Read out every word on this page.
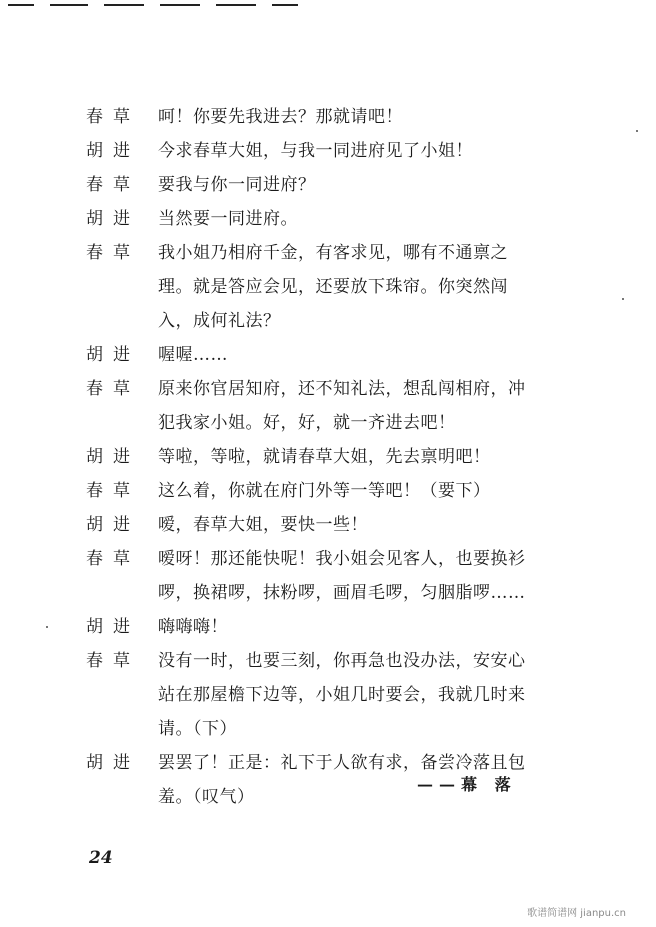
春草	呵！你要先我进去？那就请吧！
胡进	今求春草大姐，与我一同进府见了小姐！
春草	要我与你一同进府？
胡进	当然要一同进府。
春草	我小姐乃相府千金，有客求见，哪有不通禀之
理。就是答应会见，还要放下珠帘。你突然闯
入，成何礼法？
胡进	喔喔……
春草	原来你官居知府，还不知礼法，想乱闯相府，冲
犯我家小姐。好，好，就一齐进去吧！
胡进	等啦，等啦，就请春草大姐，先去禀明吧！
春草	这么着，你就在府门外等一等吧！（要下）
胡进	嗳，春草大姐，要快一些！
春草	嗳呀！那还能快呢！我小姐会见客人，也要换衫
啰，换裙啰，抹粉啰，画眉毛啰，匀胭脂啰……
胡进	嗨嗨嗨！
春草	没有一时，也要三刻，你再急也没办法，安安心
站在那屋檐下边等，小姐几时要会，我就几时来
请。（下）
胡进	罢罢了！正是：礼下于人欲有求，备尝冷落且包
羞。（叹气）
——幕 落
24
歌谱简谱网 jianpu.cn
